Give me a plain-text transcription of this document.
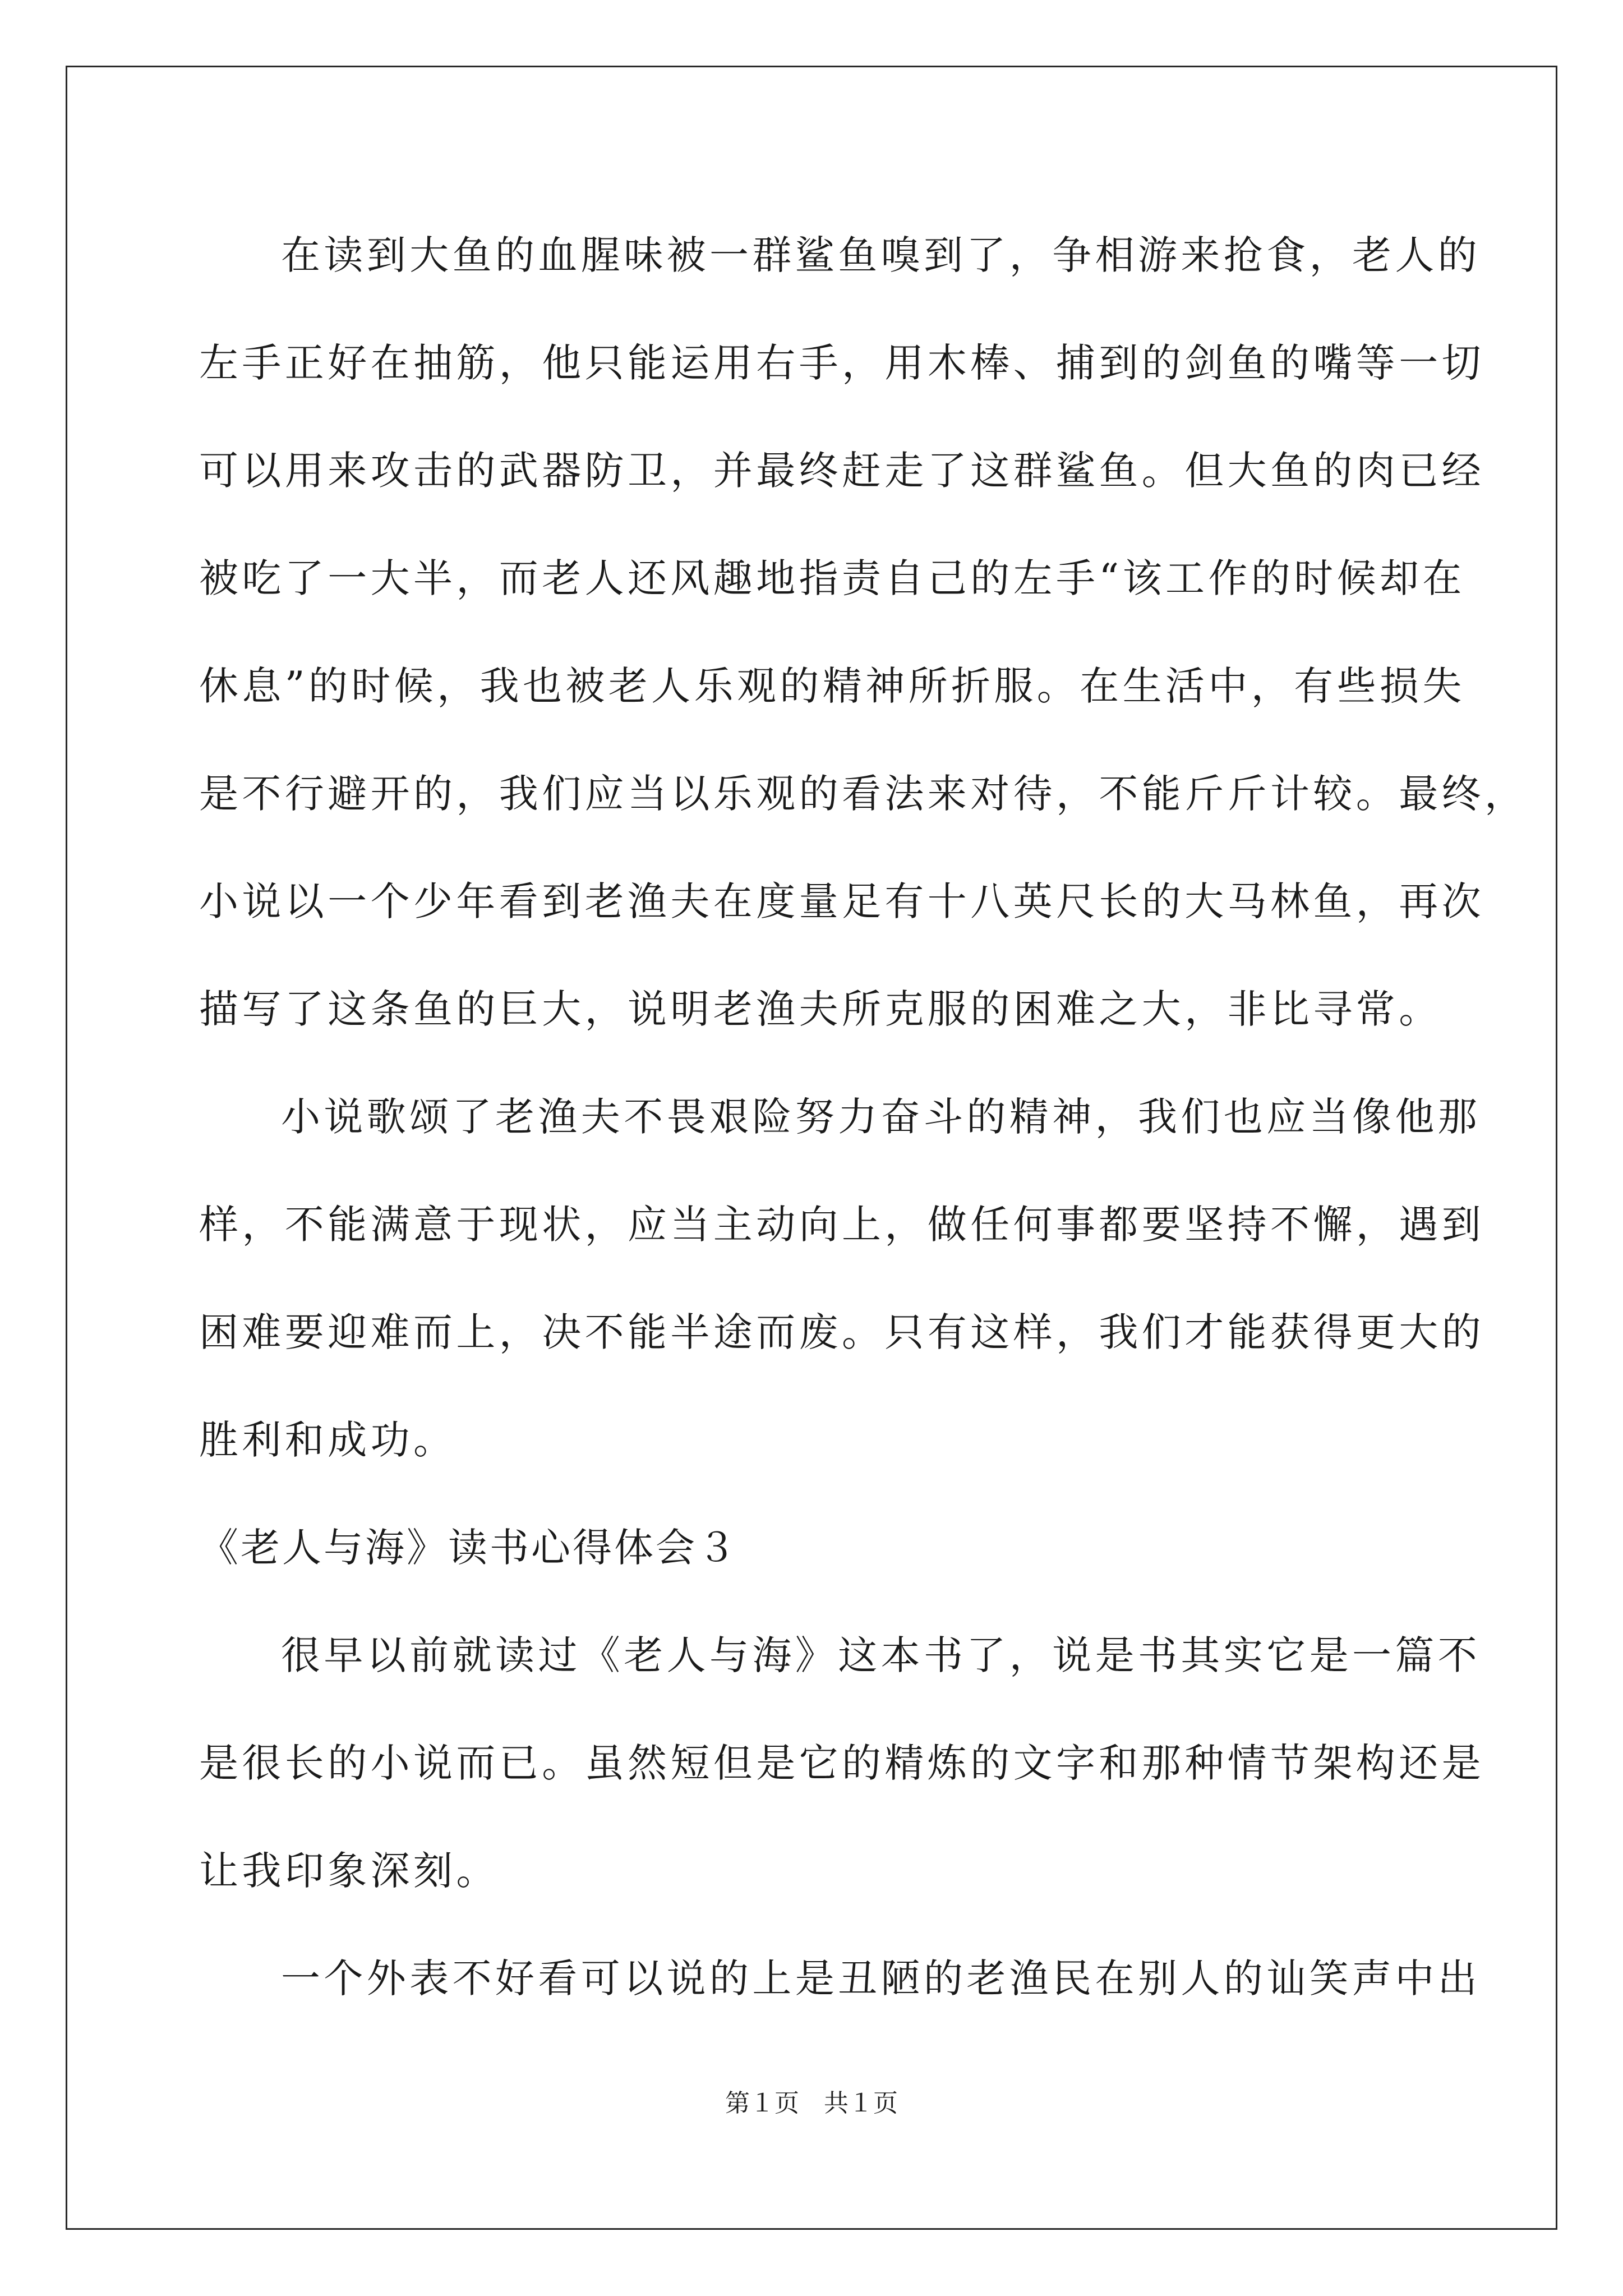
在读到大鱼的血腥味被一群鲨鱼嗅到了，争相游来抢食，老人的
左手正好在抽筋，他只能运用右手，用木棒、捕到的剑鱼的嘴等一切
可以用来攻击的武器防卫，并最终赶走了这群鲨鱼。但大鱼的肉已经
被吃了一大半，而老人还风趣地指责自己的左手“该工作的时候却在
休息”的时候，我也被老人乐观的精神所折服。在生活中，有些损失
是不行避开的，我们应当以乐观的看法来对待，不能斤斤计较。最终，
小说以一个少年看到老渔夫在度量足有十八英尺长的大马林鱼，再次
描写了这条鱼的巨大，说明老渔夫所克服的困难之大，非比寻常。
小说歌颂了老渔夫不畏艰险努力奋斗的精神，我们也应当像他那
样，不能满意于现状，应当主动向上，做任何事都要坚持不懈，遇到
困难要迎难而上，决不能半途而废。只有这样，我们才能获得更大的
胜利和成功。
《老人与海》读书心得体会３
很早以前就读过《老人与海》这本书了，说是书其实它是一篇不
是很长的小说而已。虽然短但是它的精炼的文字和那种情节架构还是
让我印象深刻。
一个外表不好看可以说的上是丑陋的老渔民在别人的讪笑声中出
第１页　共１页
